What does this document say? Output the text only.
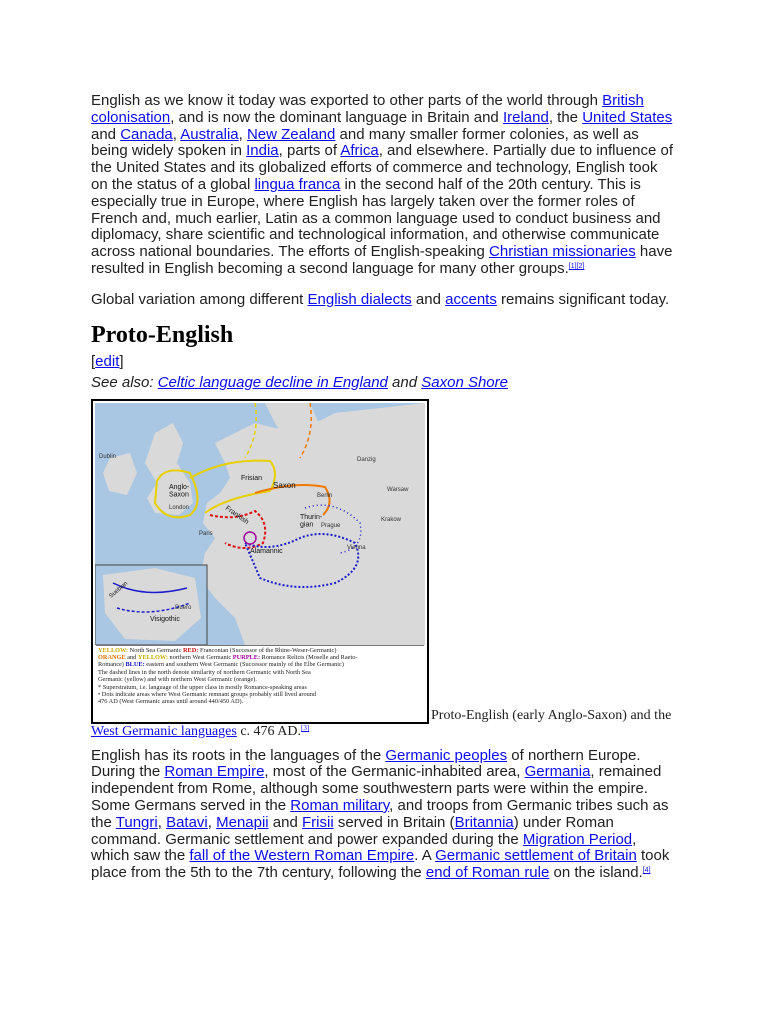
English as we know it today was exported to other parts of the world through British colonisation, and is now the dominant language in Britain and Ireland, the United States and Canada, Australia, New Zealand and many smaller former colonies, as well as being widely spoken in India, parts of Africa, and elsewhere. Partially due to influence of the United States and its globalized efforts of commerce and technology, English took on the status of a global lingua franca in the second half of the 20th century. This is especially true in Europe, where English has largely taken over the former roles of French and, much earlier, Latin as a common language used to conduct business and diplomacy, share scientific and technological information, and otherwise communicate across national boundaries. The efforts of English-speaking Christian missionaries have resulted in English becoming a second language for many other groups.[1][2]

Global variation among different English dialects and accents remains significant today.

Proto-English

[edit]

See also: Celtic language decline in England and Saxon Shore

Dublin
Anglo-Saxon
Frisian
Saxon
Frankish	Thurin-gian
Alamannic
Visigothic
Suebian
Duero
Danzig
Warsaw
Krakow
Vienna
Paris
London
Berlin
Prague
YELLOW: North Sea Germanic RED: Franconian (Successor of the Rhine-Weser-Germanic)
ORANGE and YELLOW: northern West Germanic PURPLE: Romance Relicts (Moselle and Raeto-
Romance) BLUE: eastern and southern West Germanic (Successor mainly of the Elbe Germanic)
The dashed lines in the north denote similarity of northern Germanic with North Sea
Germanic (yellow) and with northern West Germanic (orange).
* Superstratum, i.e. language of the upper class in mostly Romance-speaking areas
• Dots indicate areas where West Germanic remnant groups probably still lived around
476 AD (West Germanic areas until around 440/450 AD).
Proto-English (early Anglo-Saxon) and the West Germanic languages c. 476 AD.[3]

English has its roots in the languages of the Germanic peoples of northern Europe. During the Roman Empire, most of the Germanic-inhabited area, Germania, remained independent from Rome, although some southwestern parts were within the empire. Some Germans served in the Roman military, and troops from Germanic tribes such as the Tungri, Batavi, Menapii and Frisii served in Britain (Britannia) under Roman command. Germanic settlement and power expanded during the Migration Period, which saw the fall of the Western Roman Empire. A Germanic settlement of Britain took place from the 5th to the 7th century, following the end of Roman rule on the island.[4]
